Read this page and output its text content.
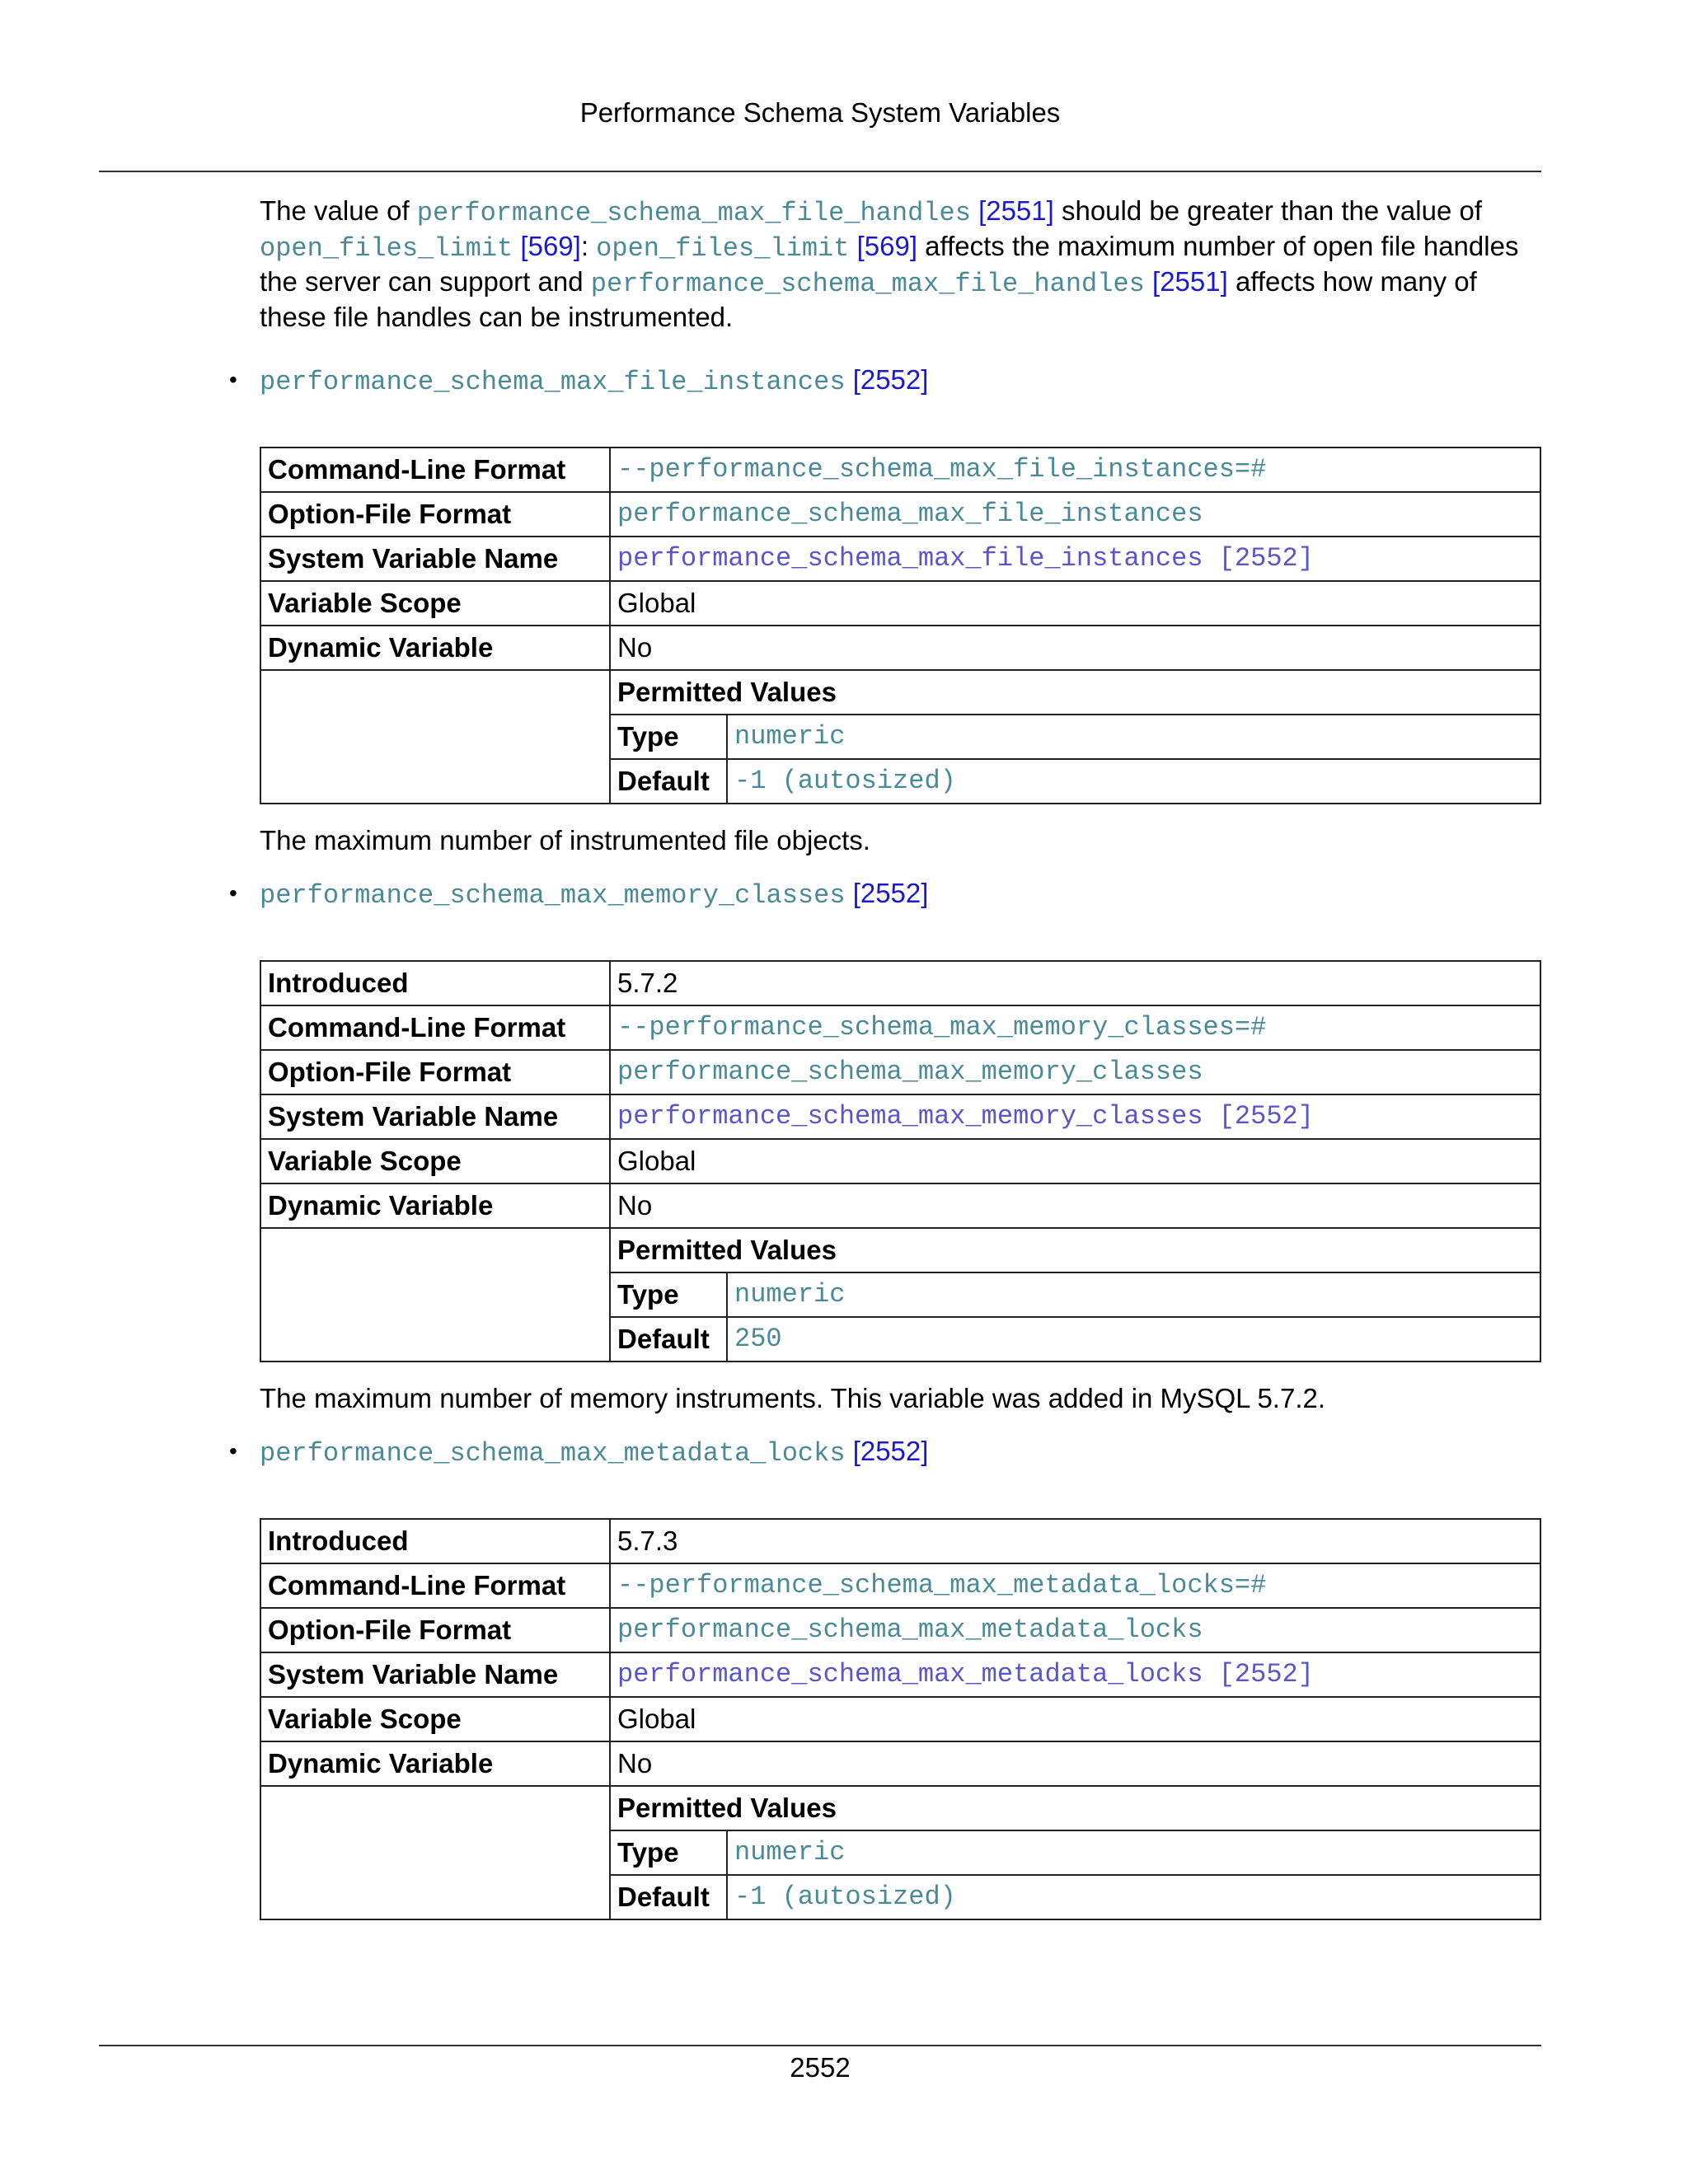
Performance Schema System Variables

The value of performance_schema_max_file_handles [2551] should be greater than the value of open_files_limit [569]: open_files_limit [569] affects the maximum number of open file handles the server can support and performance_schema_max_file_handles [2551] affects how many of these file handles can be instrumented.

• performance_schema_max_file_instances [2552]

Command-Line Format	--performance_schema_max_file_instances=#	
Option-File Format	performance_schema_max_file_instances	
System Variable Name	performance_schema_max_file_instances [2552]	
Variable Scope	Global	
Dynamic Variable	No	
	Permitted Values	
	Type	numeric
	Default	-1 (autosized)

The maximum number of instrumented file objects.

• performance_schema_max_memory_classes [2552]

Introduced	5.7.2	
Command-Line Format	--performance_schema_max_memory_classes=#	
Option-File Format	performance_schema_max_memory_classes	
System Variable Name	performance_schema_max_memory_classes [2552]	
Variable Scope	Global	
Dynamic Variable	No	
	Permitted Values	
	Type	numeric
	Default	250

The maximum number of memory instruments. This variable was added in MySQL 5.7.2.

• performance_schema_max_metadata_locks [2552]

Introduced	5.7.3	
Command-Line Format	--performance_schema_max_metadata_locks=#	
Option-File Format	performance_schema_max_metadata_locks	
System Variable Name	performance_schema_max_metadata_locks [2552]	
Variable Scope	Global	
Dynamic Variable	No	
	Permitted Values	
	Type	numeric
	Default	-1 (autosized)
2552
